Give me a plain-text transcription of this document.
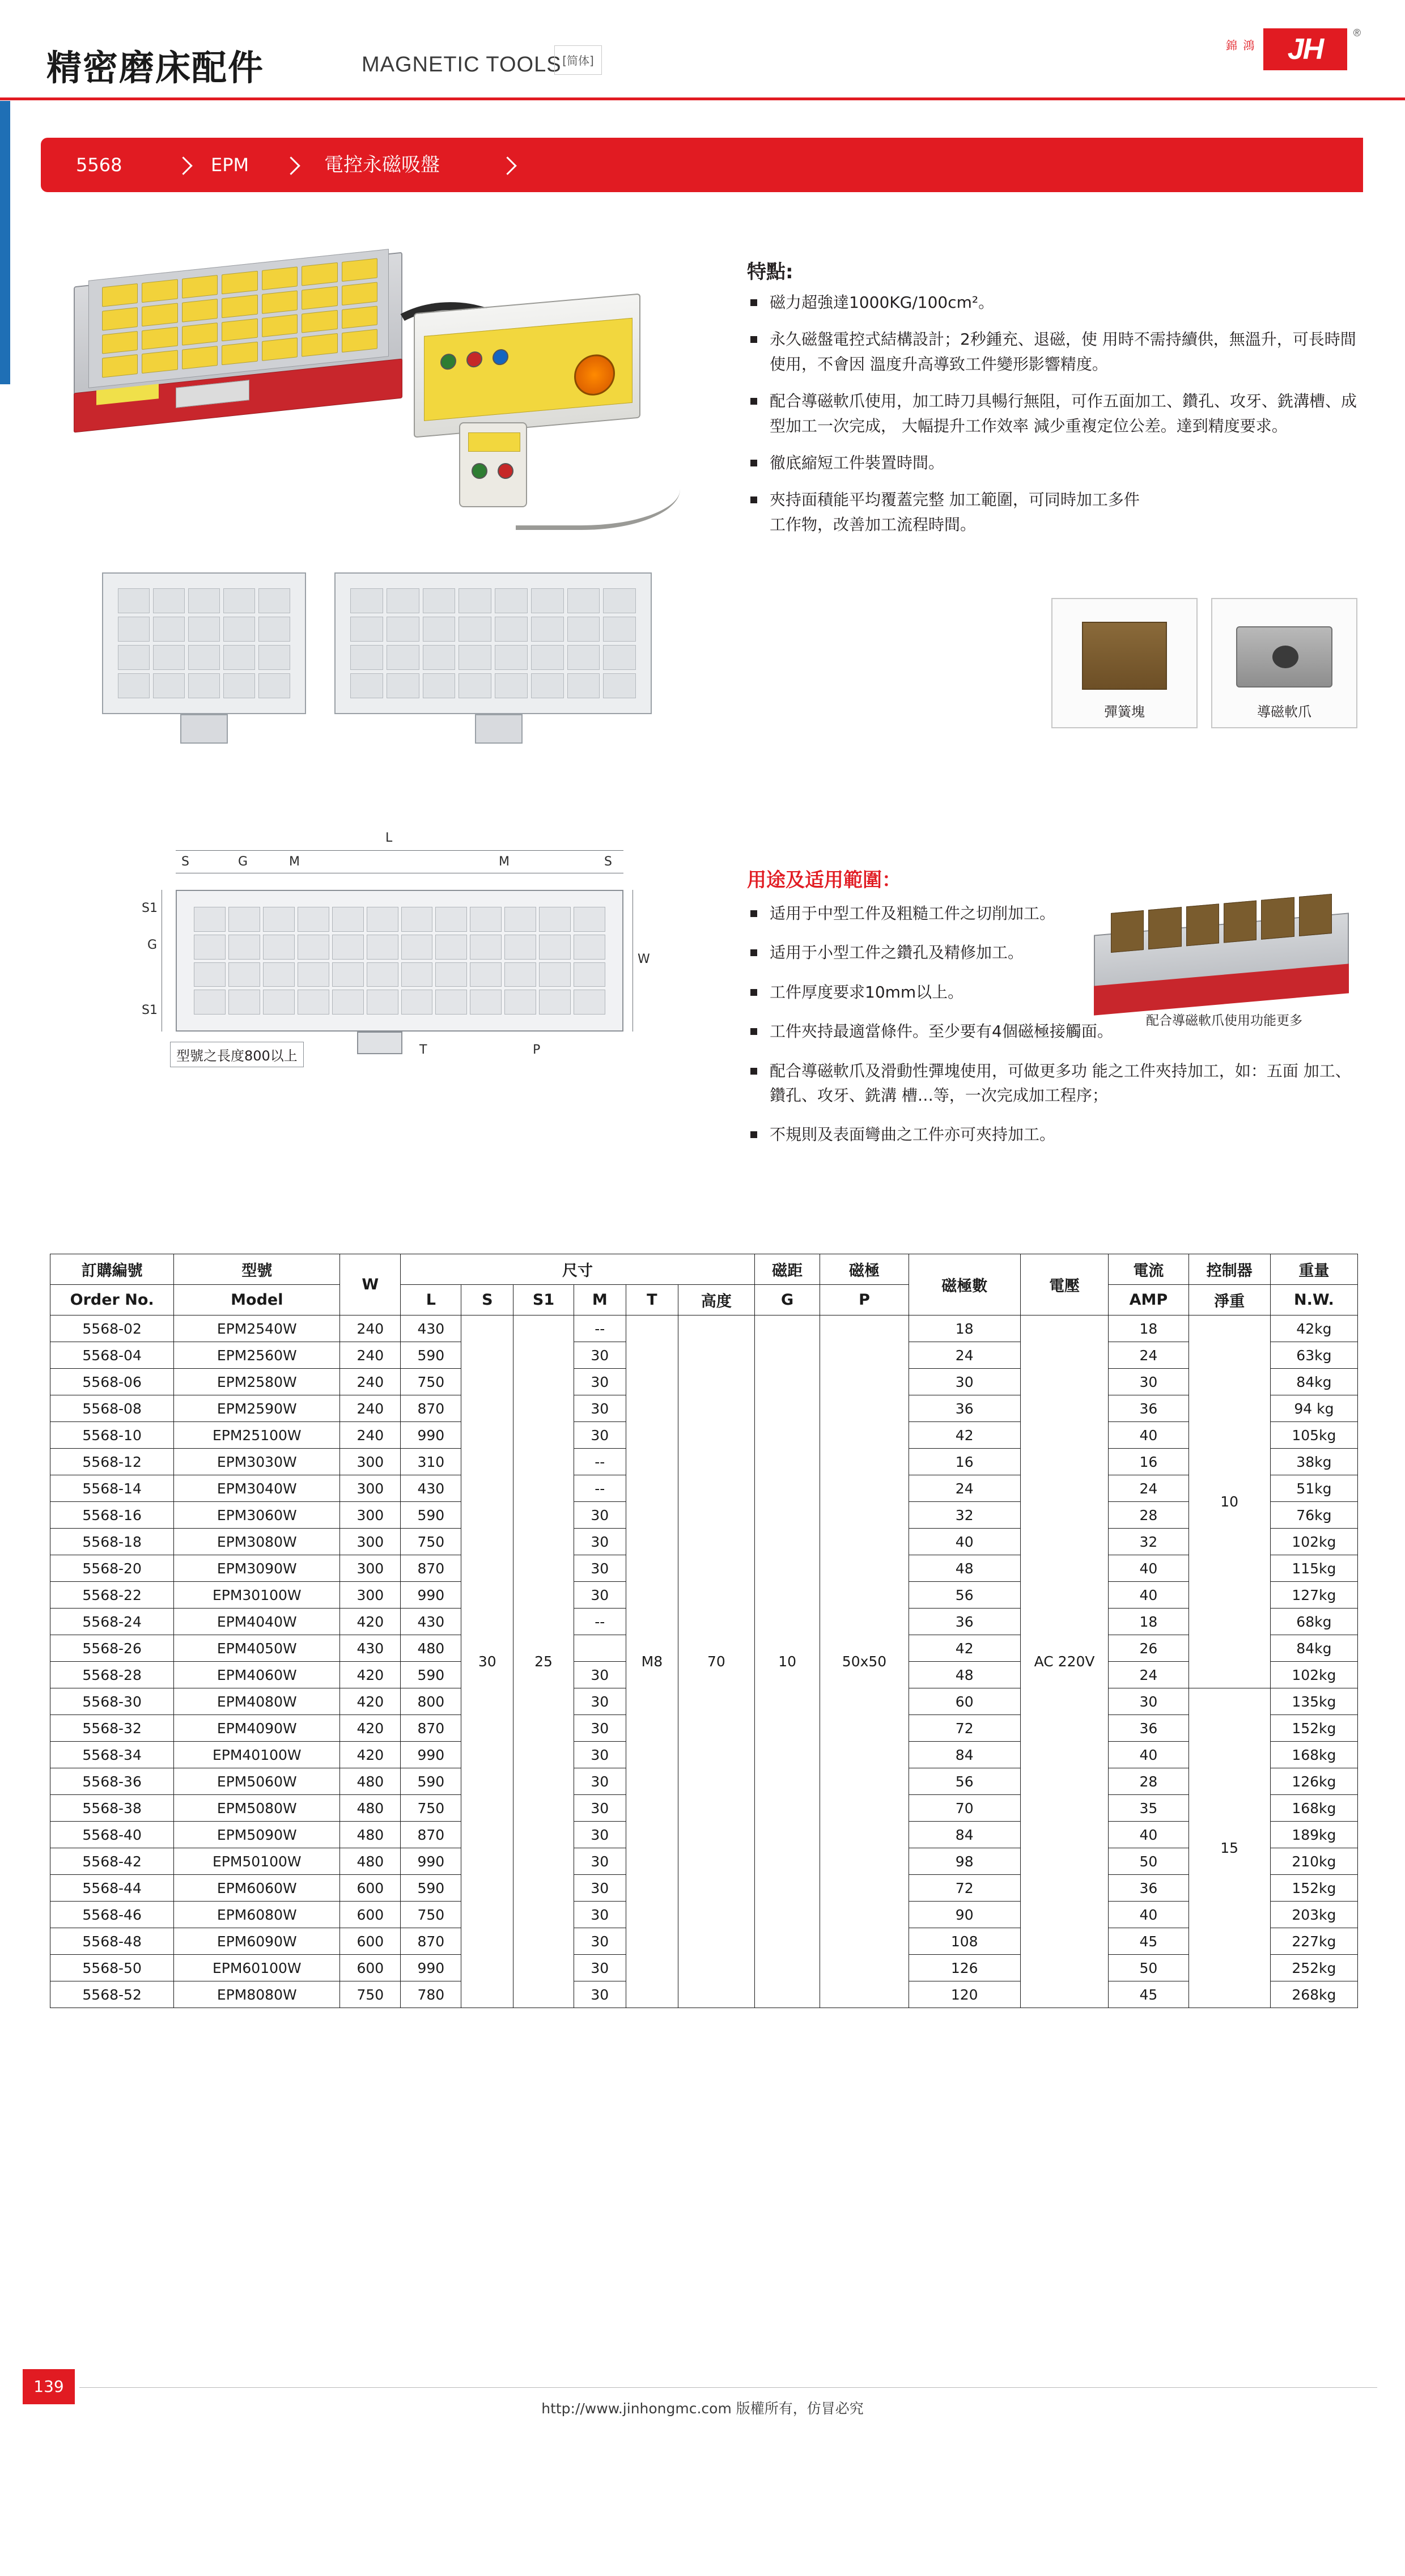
精密磨床配件	MAGNETIC TOOLS [简体]
錦 鴻	JH	®
5568	EPM	電控永磁吸盤
L
S	G	M	M	S
S1
G
S1
W
T	P
型號之長度800以上
特點:
磁力超強達1000KG/100cm²。
永久磁盤電控式結構設計；2秒鍾充、退磁，使 用時不需持續供，無溫升，可長時間使用，不會因 溫度升高導致工件變形影響精度。
配合導磁軟爪使用，加工時刀具暢行無阻，可作五面加工、鑽孔、攻牙、銑溝槽、成型加工一次完成， 大幅提升工作效率 減少重複定位公差。達到精度要求。
徹底縮短工件裝置時間。
夾持面積能平均覆蓋完整 加工範圍，可同時加工多件工作物，改善加工流程時間。
彈簧塊	導磁軟爪
用途及适用範圍：
适用于中型工件及粗糙工件之切削加工。
适用于小型工件之鑽孔及精修加工。
工件厚度要求10mm以上。
工件夾持最適當條件。至少要有4個磁極接觸面。
配合導磁軟爪及滑動性彈塊使用，可做更多功 能之工件夾持加工，如：五面 加工、鑽孔、攻牙、銑溝 槽…等，一次完成加工程序；
不規則及表面彎曲之工件亦可夾持加工。
配合導磁軟爪使用功能更多
訂購編號	型號	W	尺寸						磁距	磁極	磁極數	電壓	電流	控制器	重量
Order No.	Model		L	S	S1	M	T	高度	G	P			AMP	淨重	N.W.
5568-02	EPM2540W	240	430	30	25	--	M8	70	10	50x50	18	AC 220V	18	10	42kg
5568-04	EPM2560W	240	590			30					24		24		63kg
5568-06	EPM2580W	240	750			30					30		30		84kg
5568-08	EPM2590W	240	870			30					36		36		94 kg
5568-10	EPM25100W	240	990			30					42		40		105kg
5568-12	EPM3030W	300	310			--					16		16		38kg
5568-14	EPM3040W	300	430			--					24		24		51kg
5568-16	EPM3060W	300	590			30					32		28		76kg
5568-18	EPM3080W	300	750			30					40		32		102kg
5568-20	EPM3090W	300	870			30					48		40		115kg
5568-22	EPM30100W	300	990			30					56		40		127kg
5568-24	EPM4040W	420	430			--					36		18		68kg
5568-26	EPM4050W	430	480								42		26		84kg
5568-28	EPM4060W	420	590			30					48		24		102kg
5568-30	EPM4080W	420	800			30					60		30	15	135kg
5568-32	EPM4090W	420	870			30					72		36		152kg
5568-34	EPM40100W	420	990			30					84		40		168kg
5568-36	EPM5060W	480	590			30					56		28		126kg
5568-38	EPM5080W	480	750			30					70		35		168kg
5568-40	EPM5090W	480	870			30					84		40		189kg
5568-42	EPM50100W	480	990			30					98		50		210kg
5568-44	EPM6060W	600	590			30					72		36		152kg
5568-46	EPM6080W	600	750			30					90		40		203kg
5568-48	EPM6090W	600	870			30					108		45		227kg
5568-50	EPM60100W	600	990			30					126		50		252kg
5568-52	EPM8080W	750	780			30					120		45		268kg
139
http://www.jinhongmc.com 版權所有，仿冒必究
